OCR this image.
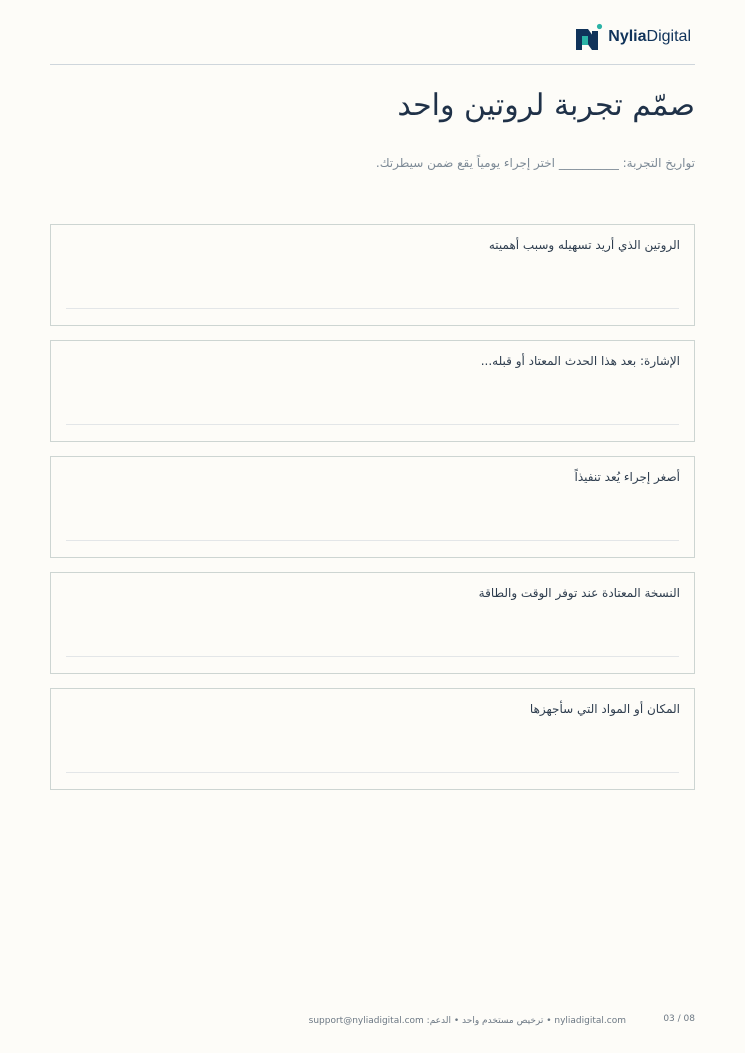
NyliaDigital
صمّم تجربة لروتين واحد
تواريخ التجربة: __________ اختر إجراء يومياً يقع ضمن سيطرتك.
الروتين الذي أريد تسهيله وسبب أهميته
الإشارة: بعد هذا الحدث المعتاد أو قبله...
أصغر إجراء يُعد تنفيذاً
النسخة المعتادة عند توفر الوقت والطاقة
المكان أو المواد التي سأجهزها
nyliadigital.com • ترخيص مستخدم واحد • الدعم: support@nyliadigital.com	03 / 08
